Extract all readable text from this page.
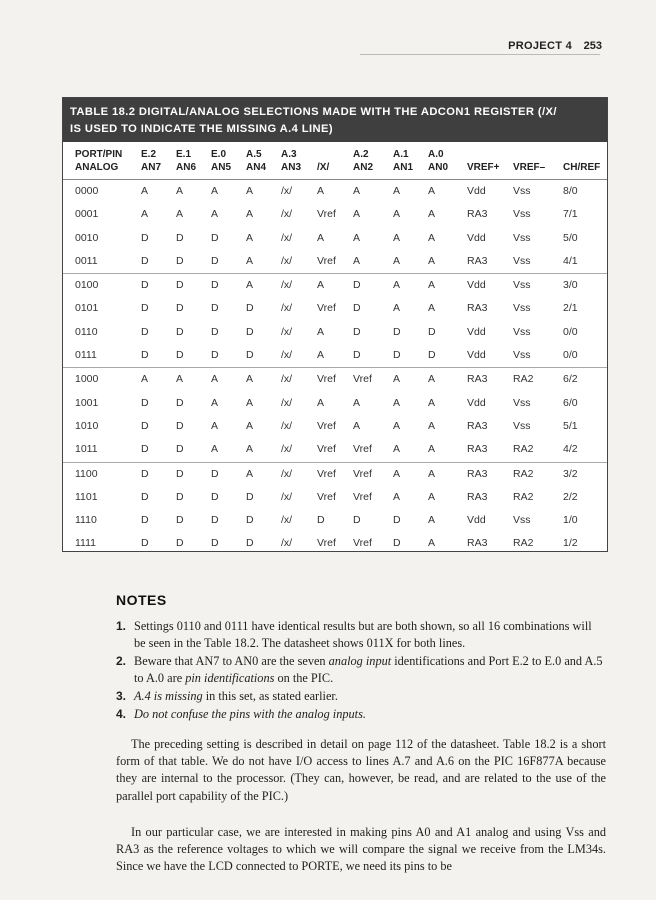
PROJECT 4 253
TABLE 18.2 DIGITAL/ANALOG SELECTIONS MADE WITH THE ADCON1 REGISTER (/X/
IS USED TO INDICATE THE MISSING A.4 LINE)
PORT/PIN E.2 E.1 E.0 A.5 A.3	A.2 A.1 A.0
ANALOG AN7 AN6 AN5 AN4 AN3 /X/ AN2 AN1 AN0 VREF+ VREF– CH/REF
0000	A	A	A	A	/x/ A	A	A	A	Vdd	Vss	8/0
0001	A	A	A	A	/x/ Vref A	A	A	RA3 Vss	7/1
0010	D	D	D	A	/x/ A	A	A	A	Vdd	Vss	5/0
0011	D	D	D	A	/x/ Vref A	A	A	RA3 Vss	4/1
0100	D	D	D	A	/x/ A	D	A	A	Vdd	Vss	3/0
0101	D	D	D	D	/x/ Vref D	A	A	RA3 Vss	2/1
0110	D	D	D	D	/x/ A	D	D	D	Vdd	Vss	0/0
0111	D	D	D	D	/x/ A	D	D	D	Vdd	Vss	0/0
1000	A	A	A	A	/x/ Vref Vref A	A	RA3 RA2	6/2
1001	D	D	A	A	/x/ A	A	A	A	Vdd	Vss	6/0
1010	D	D	A	A	/x/ Vref A	A	A	RA3 Vss	5/1
1011	D	D	A	A	/x/ Vref Vref A	A	RA3 RA2	4/2
1100	D	D	D	A	/x/ Vref Vref A	A	RA3 RA2	3/2
1101	D	D	D	D	/x/ Vref Vref A	A	RA3 RA2	2/2
1110	D	D	D	D	/x/ D	D	D	A	Vdd	Vss	1/0
1111	D	D	D	D	/x/ Vref Vref D	A	RA3 RA2	1/2
NOTES
1. Settings 0110 and 0111 have identical results but are both shown, so all 16 combinations will be seen in the Table 18.2. The datasheet shows 011X for both lines.
2. Beware that AN7 to AN0 are the seven analog input identifications and Port E.2 to E.0 and A.5 to A.0 are pin identifications on the PIC.
3. A.4 is missing in this set, as stated earlier.
4. Do not confuse the pins with the analog inputs.
The preceding setting is described in detail on page 112 of the datasheet. Table 18.2 is a short form of that table. We do not have I/O access to lines A.7 and A.6 on the PIC 16F877A because they are internal to the processor. (They can, however, be read, and are related to the use of the parallel port capability of the PIC.)
In our particular case, we are interested in making pins A0 and A1 analog and using Vss and RA3 as the reference voltages to which we will compare the signal we receive from the LM34s. Since we have the LCD connected to PORTE, we need its pins to be
